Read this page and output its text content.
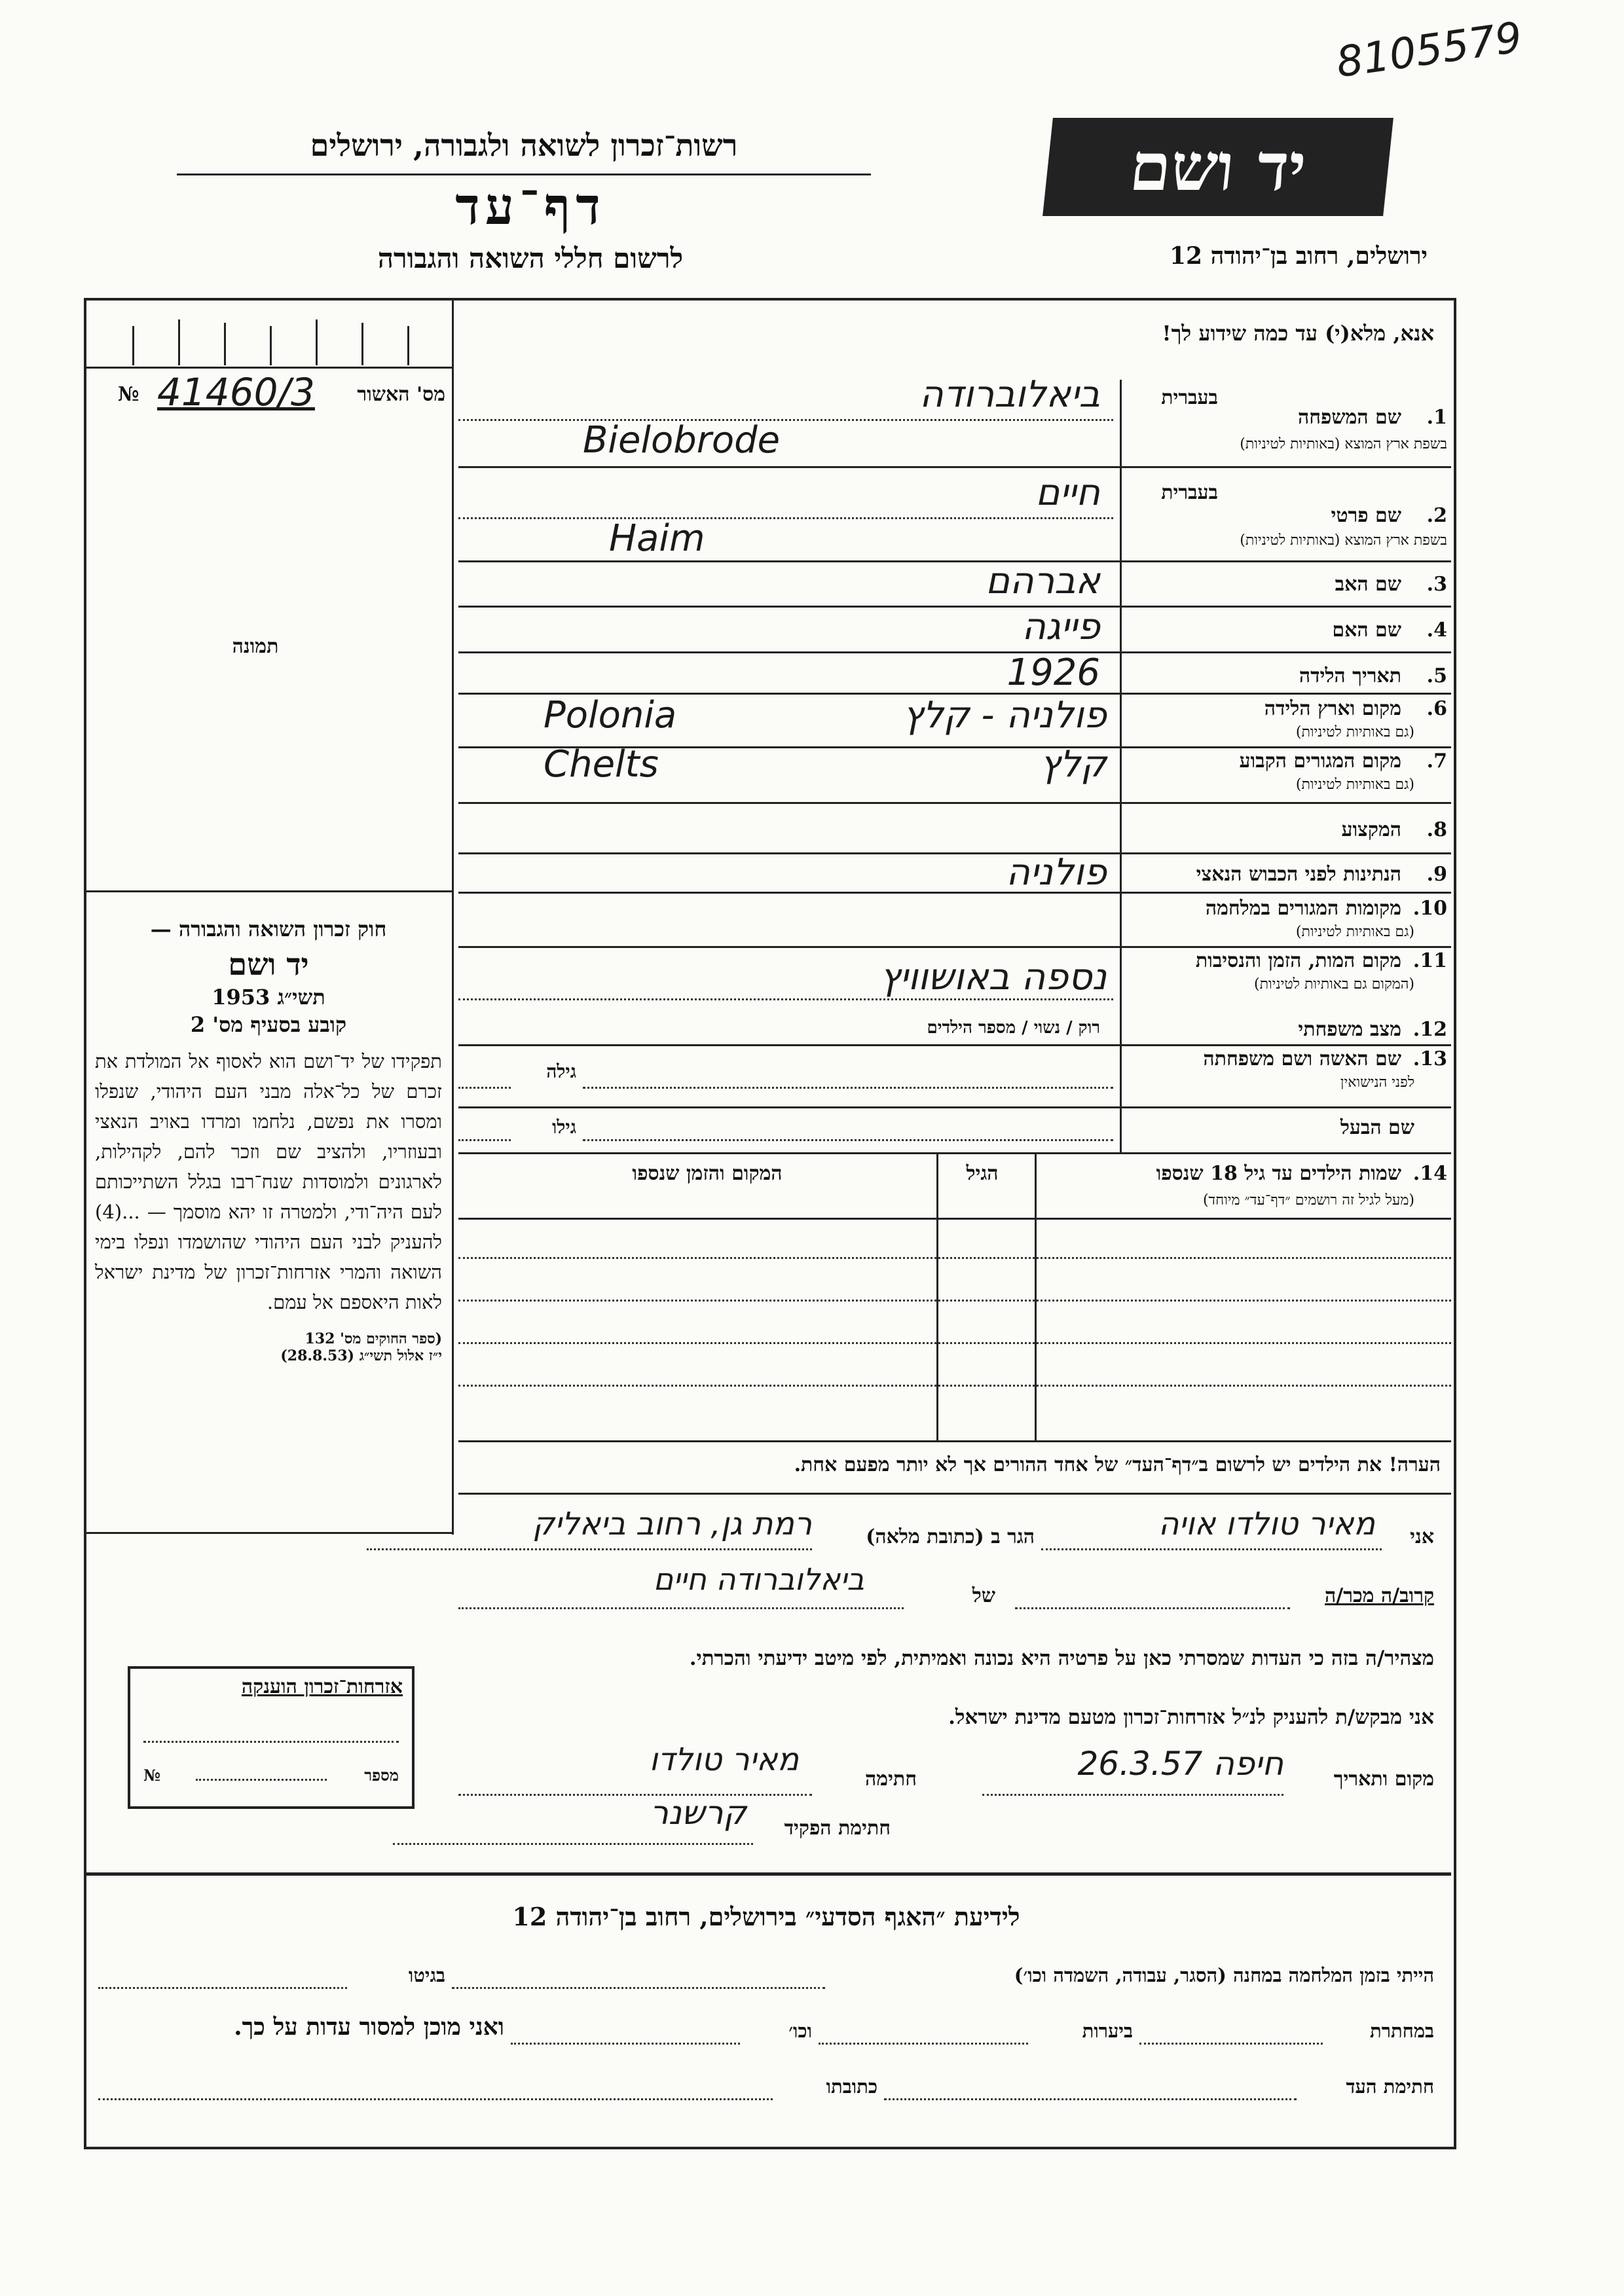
8105579
יד ושם
ירושלים, רחוב בן־יהודה 12
רשות־זכרון לשואה ולגבורה, ירושלים
דף־עד
לרשום חללי השואה והגבורה
אנא, מלא(י) עד כמה שידוע לך!
מס' האשור
41460/3
№
תמונה
חוק זכרון השואה והגבורה —
יד ושם
תשי״ג 1953
קובע בסעיף מס' 2
תפקידו של יד־ושם הוא לאסוף אל המולדת את זכרם של כל־אלה מבני העם היהודי, שנפלו ומסרו את נפשם, נלחמו ומרדו באויב הנאצי ובעוזריו, ולהציב שם וזכר להם, לקהילות, לארגונים ולמוסדות שנח־רבו בגלל השתייכותם לעם היה־ודי, ולמטרה זו יהא מוסמך — ...(4) להעניק לבני העם היהודי שהושמדו ונפלו בימי השואה והמרי אזרחות־זכרון של מדינת ישראל לאות היאספם אל עמם.
(ספר החוקים מס' 132
י״ז אלול תשי״ג (28.8.53)
1.
שם המשפחה
בעברית
בשפת ארץ המוצא (באותיות לטיניות)
ביאלוברודה
Bielobrode
2.
שם פרטי
בעברית
בשפת ארץ המוצא (באותיות לטיניות)
חיים
Haim
3.
שם האב
אברהם
4.
שם האם
פייגה
5.
תאריך הלידה
1926
6.
מקום וארץ הלידה
(גם באותיות לטיניות)
פולניה - קלץ
Polonia
7.
מקום המגורים הקבוע
(גם באותיות לטיניות)
קלץ
Chelts
8.
המקצוע
9.
הנתינות לפני הכבוש הנאצי
פולניה
10.
מקומות המגורים במלחמה
(גם באותיות לטיניות)
11.
מקום המות, הזמן והנסיבות
(המקום גם באותיות לטיניות)
נספה באושוויץ
12.
מצב משפחתי
רוק / נשוי / מספר הילדים
13.
שם האשה ושם משפחתה
לפני הנישואין
גילה
שם הבעל
גילו
14.
שמות הילדים עד גיל 18 שנספו
(מעל לגיל זה רושמים ״דף־עד״ מיוחד)
הגיל
המקום והזמן שנספו
הערה! את הילדים יש לרשום ב״דף־העד״ של אחד ההורים אך לא יותר מפעם אחת.
אני
מאיר טולדו אויה
הגר ב (כתובת מלאה)
רמת גן, רחוב ביאליק
קרוב/ה מכר/ה
של
ביאלוברודה חיים
מצהיר/ה בזה כי העדות שמסרתי כאן על פרטיה היא נכונה ואמיתית, לפי מיטב ידיעתי והכרתי.
אני מבקש/ת להעניק לנ״ל אזרחות־זכרון מטעם מדינת ישראל.
מקום ותאריך
חיפה 26.3.57
חתימה
מאיר טולדו
חתימת הפקיד
קרשנר
אזרחות־זכרון הוענקה
מספר
№
לידיעת ״האגף הסדעי״ בירושלים, רחוב בן־יהודה 12
הייתי בזמן המלחמה במחנה (הסגר, עבודה, השמדה וכו׳)
בגיטו
במחתרת
ביערות
וכו׳
ואני מוכן למסור עדות על כך.
חתימת העד
כתובתו
